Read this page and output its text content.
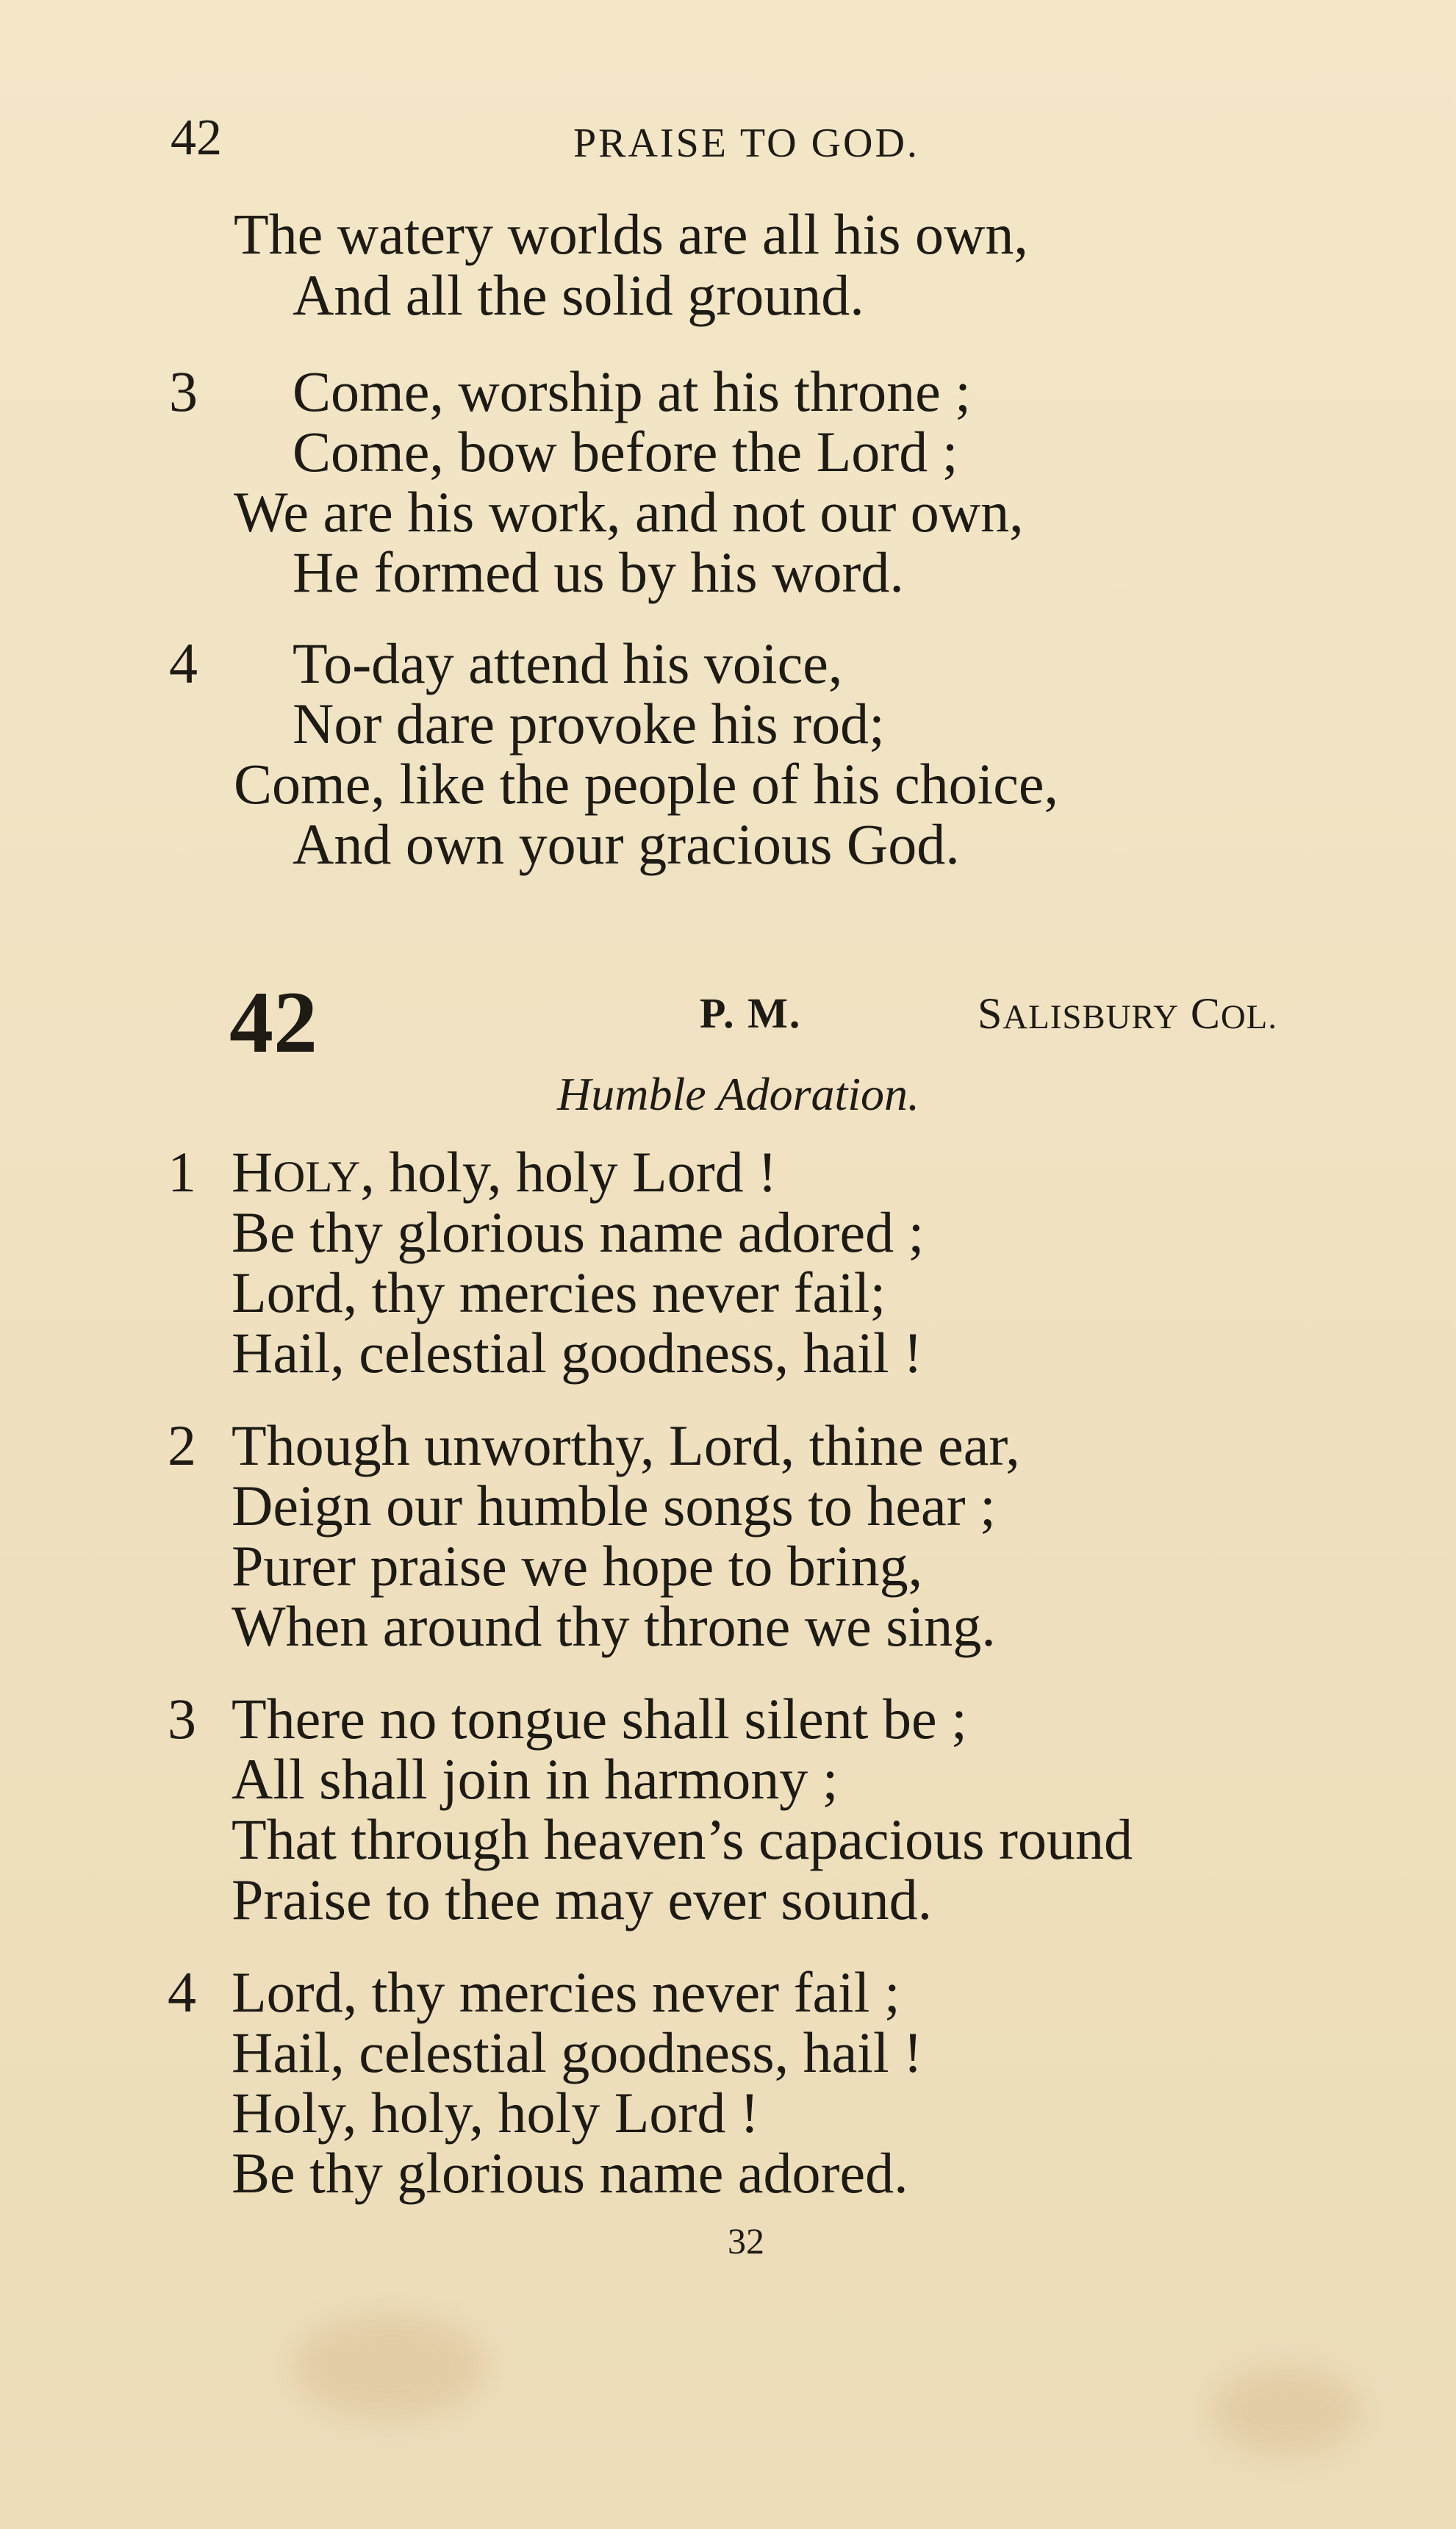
42	PRAISE TO GOD.
The watery worlds are all his own,
And all the solid ground.
3 Come, worship at his throne ;
Come, bow before the Lord ;
We are his work, and not our own,
He formed us by his word.
4 To-day attend his voice,
Nor dare provoke his rod;
Come, like the people of his choice,
And own your gracious God.
42	P. M.	SALISBURY COL.
Humble Adoration.
1 HOLY, holy, holy Lord !
Be thy glorious name adored ;
Lord, thy mercies never fail;
Hail, celestial goodness, hail !
2 Though unworthy, Lord, thine ear,
Deign our humble songs to hear ;
Purer praise we hope to bring,
When around thy throne we sing.
3 There no tongue shall silent be ;
All shall join in harmony ;
That through heaven’s capacious round
Praise to thee may ever sound.
4 Lord, thy mercies never fail ;
Hail, celestial goodness, hail !
Holy, holy, holy Lord !
Be thy glorious name adored.
32
